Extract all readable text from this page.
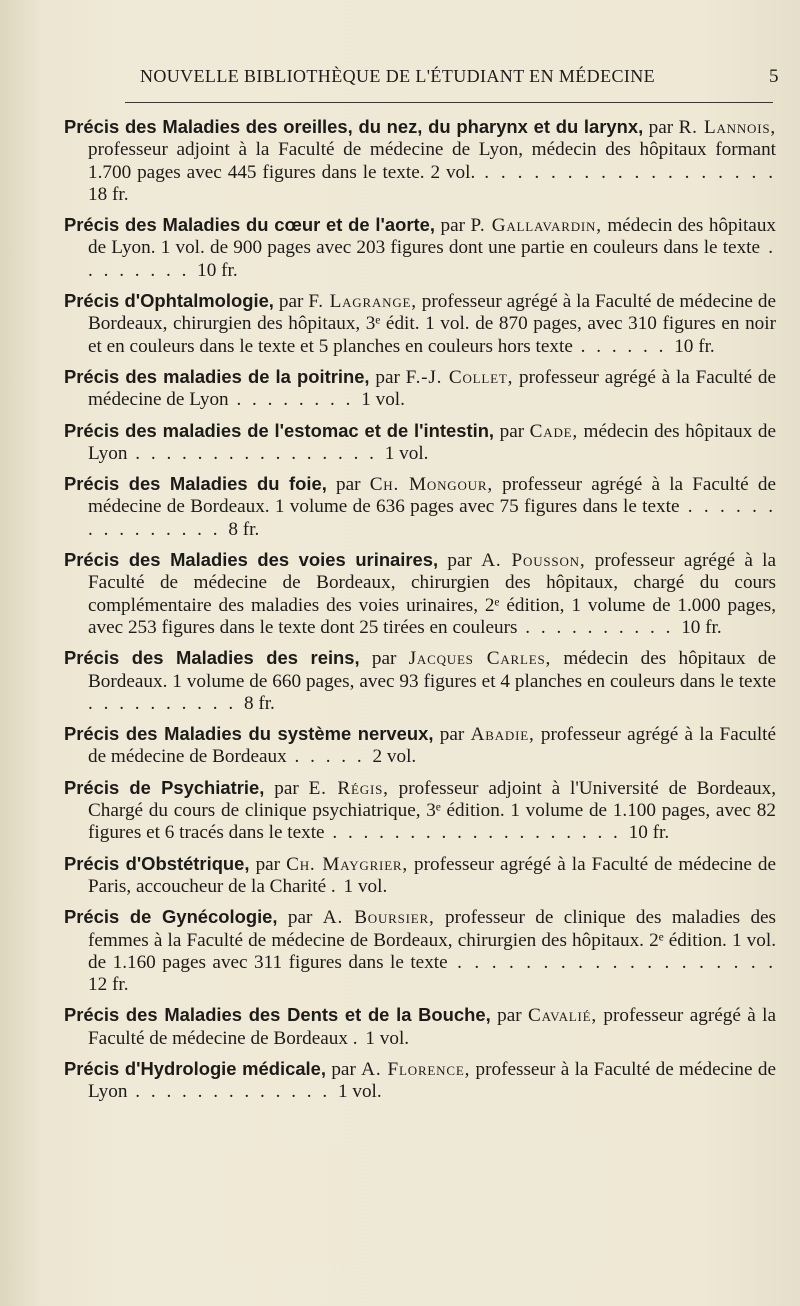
NOUVELLE BIBLIOTHÈQUE DE L'ÉTUDIANT EN MÉDECINE	5
Précis des Maladies des oreilles, du nez, du pharynx et du larynx, par R. Lannois, professeur adjoint à la Faculté de médecine de Lyon, médecin des hôpitaux formant 1.700 pages avec 445 figures dans le texte. 2 vol. . . . . . . . . . . . . . . . . . . 18 fr.
Précis des Maladies du cœur et de l'aorte, par P. Gallavardin, médecin des hôpitaux de Lyon. 1 vol. de 900 pages avec 203 figures dont une partie en couleurs dans le texte . . . . . . . . 10 fr.
Précis d'Ophtalmologie, par F. Lagrange, professeur agrégé à la Faculté de médecine de Bordeaux, chirurgien des hôpitaux, 3ᵉ édit. 1 vol. de 870 pages, avec 310 figures en noir et en couleurs dans le texte et 5 planches en couleurs hors texte . . . . . . 10 fr.
Précis des maladies de la poitrine, par F.-J. Collet, professeur agrégé à la Faculté de médecine de Lyon . . . . . . . . 1 vol.
Précis des maladies de l'estomac et de l'intestin, par Cade, médecin des hôpitaux de Lyon . . . . . . . . . . . . . . . . 1 vol.
Précis des Maladies du foie, par Ch. Mongour, professeur agrégé à la Faculté de médecine de Bordeaux. 1 volume de 636 pages avec 75 figures dans le texte . . . . . . . . . . . . . . . 8 fr.
Précis des Maladies des voies urinaires, par A. Pousson, professeur agrégé à la Faculté de médecine de Bordeaux, chirurgien des hôpitaux, chargé du cours complémentaire des maladies des voies urinaires, 2ᵉ édition, 1 volume de 1.000 pages, avec 253 figures dans le texte dont 25 tirées en couleurs . . . . . . . . . . 10 fr.
Précis des Maladies des reins, par Jacques Carles, médecin des hôpitaux de Bordeaux. 1 volume de 660 pages, avec 93 figures et 4 planches en couleurs dans le texte . . . . . . . . . . 8 fr.
Précis des Maladies du système nerveux, par Abadie, professeur agrégé à la Faculté de médecine de Bordeaux . . . . . 2 vol.
Précis de Psychiatrie, par E. Régis, professeur adjoint à l'Université de Bordeaux, Chargé du cours de clinique psychiatrique, 3ᵉ édition. 1 volume de 1.100 pages, avec 82 figures et 6 tracés dans le texte . . . . . . . . . . . . . . . . . . . 10 fr.
Précis d'Obstétrique, par Ch. Maygrier, professeur agrégé à la Faculté de médecine de Paris, accoucheur de la Charité . 1 vol.
Précis de Gynécologie, par A. Boursier, professeur de clinique des maladies des femmes à la Faculté de médecine de Bordeaux, chirurgien des hôpitaux. 2ᵉ édition. 1 vol. de 1.160 pages avec 311 figures dans le texte . . . . . . . . . . . . . . . . . . . 12 fr.
Précis des Maladies des Dents et de la Bouche, par Cavalié, professeur agrégé à la Faculté de médecine de Bordeaux . 1 vol.
Précis d'Hydrologie médicale, par A. Florence, professeur à la Faculté de médecine de Lyon . . . . . . . . . . . . . 1 vol.
